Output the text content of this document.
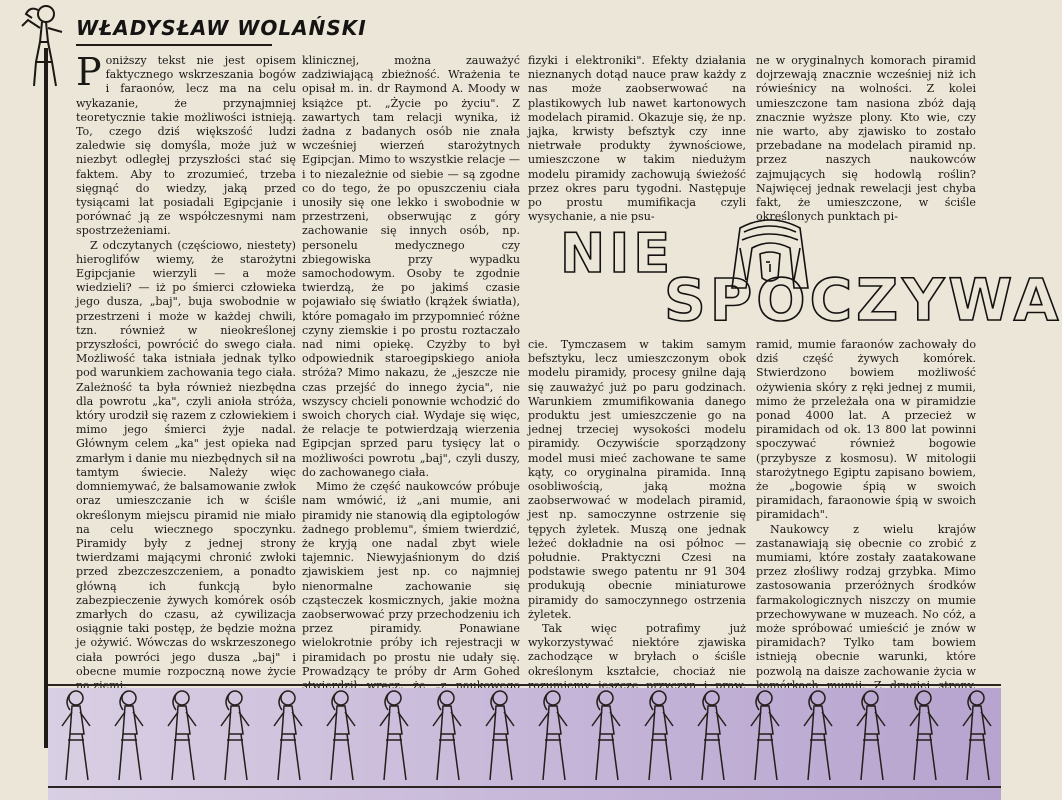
WŁADYSŁAW WOLAŃSKI

Poniższy tekst nie jest opisem faktycznego wskrzeszania bogów i faraonów, lecz ma na celu wykazanie, że przynajmniej teoretycznie takie możliwości istnieją. To, czego dziś większość ludzi zaledwie się domyśla, może już w niezbyt odległej przyszłości stać się faktem. Aby to zrozumieć, trzeba sięgnąć do wiedzy, jaką przed tysiącami lat posiadali Egipcjanie i porównać ją ze współczesnymi nam spostrzeżeniami.

Z odczytanych (częściowo, niestety) hieroglifów wiemy, że starożytni Egipcjanie wierzyli — a może wiedzieli? — iż po śmierci człowieka jego dusza, „baj", buja swobodnie w przestrzeni i może w każdej chwili, tzn. również w nieokreślonej przyszłości, powrócić do swego ciała. Możliwość taka istniała jednak tylko pod warunkiem zachowania tego ciała. Zależność ta była również niezbędna dla powrotu „ka", czyli anioła stróża, który urodził się razem z człowiekiem i mimo jego śmierci żyje nadal. Głównym celem „ka" jest opieka nad zmarłym i danie mu niezbędnych sił na tamtym świecie. Należy więc domniemywać, że balsamowanie zwłok oraz umieszczanie ich w ściśle określonym miejscu piramid nie miało na celu wiecznego spoczynku. Piramidy były z jednej strony twierdzami mającymi chronić zwłoki przed zbezczeszczeniem, a ponadto główną ich funkcją było zabezpieczenie żywych komórek osób zmarłych do czasu, aż cywilizacja osiągnie taki postęp, że będzie można je ożywić. Wówczas do wskrzeszonego ciała powróci jego dusza „baj" i obecne mumie rozpoczną nowe życie

klinicznej, można zauważyć zadziwiającą zbieżność. Wrażenia te opisał m. in. dr Raymond A. Moody w książce pt. „Życie po życiu". Z zawartych tam relacji wynika, iż żadna z badanych osób nie znała wcześniej wierzeń starożytnych Egipcjan. Mimo to wszystkie relacje — i to niezależnie od siebie — są zgodne co do tego, że po opuszczeniu ciała unosiły się one lekko i swobodnie w przestrzeni, obserwując z góry zachowanie się innych osób, np. personelu medycznego czy zbiegowiska przy wypadku samochodowym. Osoby te zgodnie twierdzą, że po jakimś czasie pojawiało się światło (krążek światła), które pomagało im przypomnieć różne czyny ziemskie i po prostu roztaczało nad nimi opiekę. Czyżby to był odpowiednik staroegipskiego anioła stróża? Mimo nakazu, że „jeszcze nie czas przejść do innego życia", nie wszyscy chcieli ponownie wchodzić do swoich chorych ciał. Wydaje się więc, że relacje te potwierdzają wierzenia Egipcjan sprzed paru tysięcy lat o możliwości powrotu „baj", czyli duszy, do zachowanego ciała.

Mimo że część naukowców próbuje nam wmówić, iż „ani mumie, ani piramidy nie stanowią dla egiptologów żadnego problemu", śmiem twierdzić, że kryją one nadal zbyt wiele tajemnic. Niewyjaśnionym do dziś zjawiskiem jest np. co najmniej nienormalne zachowanie się cząsteczek kosmicznych, jakie można zaobserwować przy przechodzeniu ich przez piramidy. Ponawiane wielokrotnie próby ich rejestracji w piramidach po prostu nie udały się. Prowadzący te próby dr Arm Gohed

fizyki i elektroniki". Efekty działania nieznanych dotąd nauce praw każdy z nas może zaobserwować na plastikowych lub nawet kartonowych modelach piramid. Okazuje się, że np. jajka, krwisty befsztyk czy inne nietrwałe produkty żywnościowe, umieszczone w takim niedużym modelu piramidy zachowują świeżość przez okres paru tygodni. Następuje po prostu mumifikacja czyli wysychanie, a nie psu-

ne w oryginalnych komorach piramid dojrzewają znacznie wcześniej niż ich rówieśnicy na wolności. Z kolei umieszczone tam nasiona zbóż dają znacznie wyższe plony. Kto wie, czy nie warto, aby zjawisko to zostało przebadane na modelach piramid np. przez naszych naukowców zajmujących się hodowlą roślin? Najwięcej jednak rewelacji jest chyba fakt, że umieszczone, w ściśle określonych punktach pi-

NIE
SPOCZYWA

cie. Tymczasem w takim samym befsztyku, lecz umieszczonym obok modelu piramidy, procesy gnilne dają się zauważyć już po paru godzinach. Warunkiem zmumifikowania danego produktu jest umieszczenie go na jednej trzeciej wysokości modelu piramidy. Oczywiście sporządzony model musi mieć zachowane te same kąty, co oryginalna piramida. Inną osobliwością, jaką można zaobserwować w modelach piramid, jest np. samoczynne ostrzenie się tępych żyletek. Muszą one jednak leżeć dokładnie na osi północ — południe. Praktyczni Czesi na podstawie swego patentu nr 91 304 produkują obecnie miniaturowe piramidy do samoczynnego ostrzenia żyletek.

Tak więc potrafimy już wykorzystywać niektóre zjawiska zachodzące w bryłach o ściśle określonym kształcie, chociaż nie

ramid, mumie faraonów zachowały do dziś część żywych komórek. Stwierdzono bowiem możliwość ożywienia skóry z ręki jednej z mumii, mimo że przeleżała ona w piramidzie ponad 4000 lat. A przecież w piramidach od ok. 13 800 lat powinni spoczywać również bogowie (przybysze z kosmosu). W mitologii starożytnego Egiptu zapisano bowiem, że „bogowie śpią w swoich piramidach, faraonowie śpią w swoich piramidach".

Naukowcy z wielu krajów zastanawiają się obecnie co zrobić z mumiami, które zostały zaatakowane przez złośliwy rodzaj grzybka. Mimo zastosowania przeróżnych środków farmakologicznych niszczy on mumie przechowywane w muzeach. No cóż, a może spróbować umieścić je znów w piramidach? Tylko tam bowiem istnieją obecnie warunki, które pozwolą na daisze zachowanie życia w
